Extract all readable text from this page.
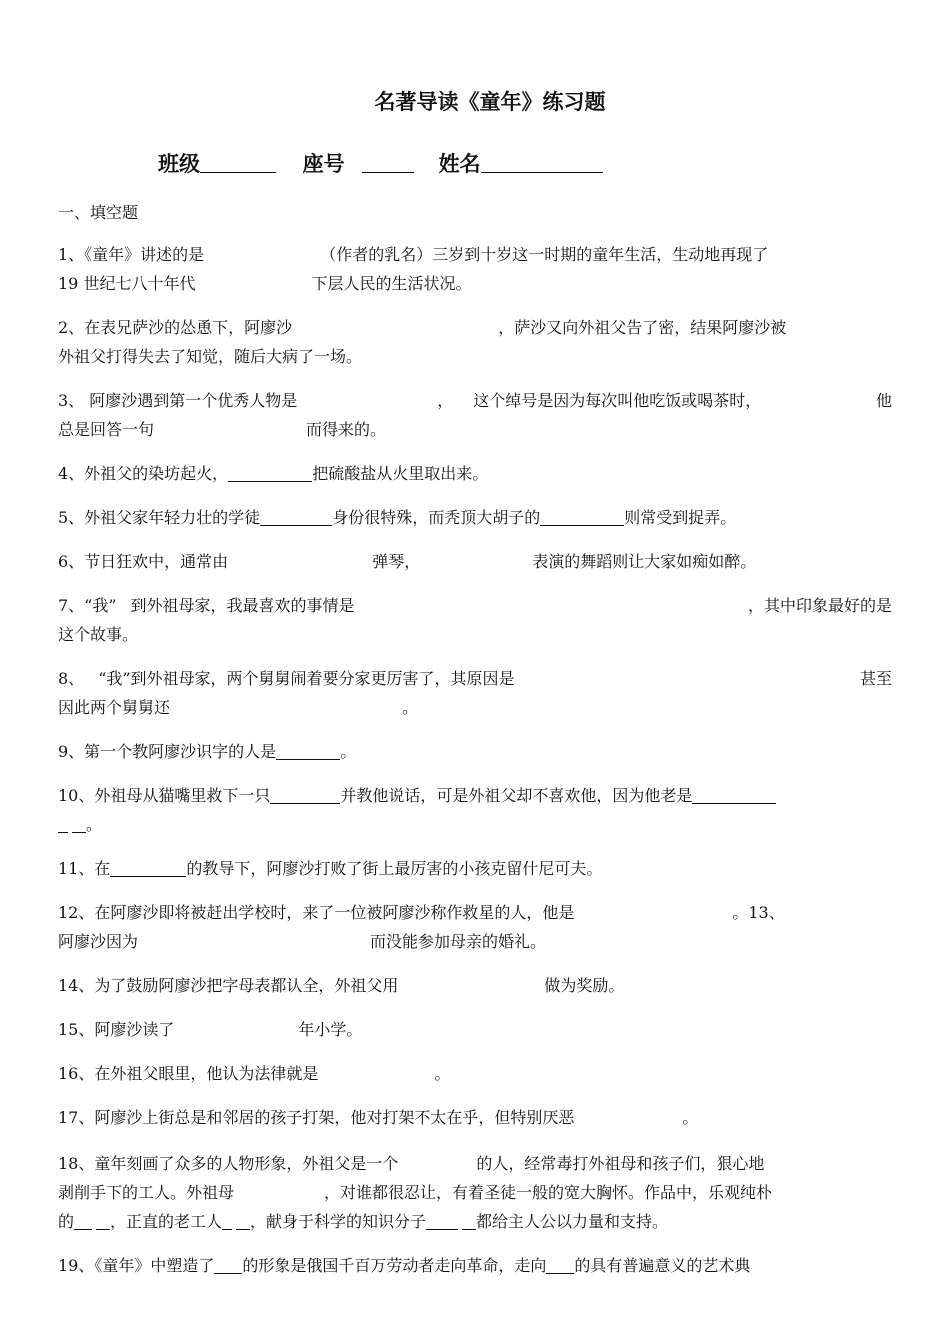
名著导读《童年》练习题
班级	座号	姓名
一、填空题
1、《童年》讲述的是	（作者的乳名）三岁到十岁这一时期的童年生活，生动地再现了
19 世纪七八十年代	下层人民的生活状况。
2、在表兄萨沙的怂恿下，阿廖沙	，萨沙又向外祖父告了密，结果阿廖沙被
外祖父打得失去了知觉，随后大病了一场。
3、 阿廖沙遇到第一个优秀人物是	， 这个绰号是因为每次叫他吃饭或喝茶时，	他
总是回答一句	而得来的。
4、外祖父的染坊起火，	把硫酸盐从火里取出来。
5、外祖父家年轻力壮的学徒	身份很特殊，而秃顶大胡子的	则常受到捉弄。
6、节日狂欢中，通常由	弹琴，	表演的舞蹈则让大家如痴如醉。
7、“我” 到外祖母家，我最喜欢的事情是	，其中印象最好的是
这个故事。
8、 “我”到外祖母家，两个舅舅闹着要分家更厉害了，其原因是	甚至
因此两个舅舅还	。
9、第一个教阿廖沙识字的人是	。
10、外祖母从猫嘴里救下一只	并教他说话，可是外祖父却不喜欢他，因为他老是
。
11、在	的教导下，阿廖沙打败了街上最厉害的小孩克留什尼可夫。
12、在阿廖沙即将被赶出学校时，来了一位被阿廖沙称作救星的人，他是	。13、
阿廖沙因为	而没能参加母亲的婚礼。
14、为了鼓励阿廖沙把字母表都认全，外祖父用	做为奖励。
15、阿廖沙读了	年小学。
16、在外祖父眼里，他认为法律就是	。
17、阿廖沙上街总是和邻居的孩子打架，他对打架不太在乎，但特别厌恶	。
18、童年刻画了众多的人物形象，外祖父是一个	的人，经常毒打外祖母和孩子们，狠心地
剥削手下的工人。外祖母	，对谁都很忍让，有着圣徒一般的宽大胸怀。作品中，乐观纯朴
的 ，正直的老工人 ，献身于科学的知识分子	都给主人公以力量和支持。
19、《童年》中塑造了 的形象是俄国千百万劳动者走向革命，走向 的具有普遍意义的艺术典
